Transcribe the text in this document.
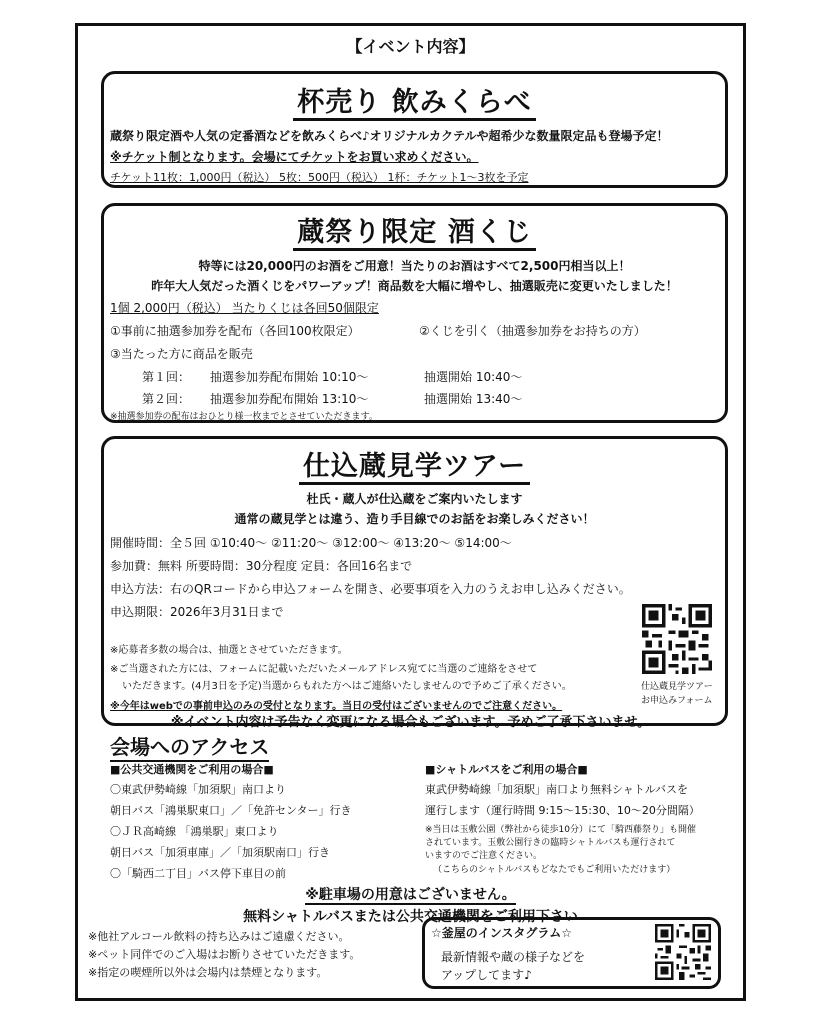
【イベント内容】
杯売り 飲みくらべ
蔵祭り限定酒や人気の定番酒などを飲みくらべ♪オリジナルカクテルや超希少な数量限定品も登場予定！
※チケット制となります。会場にてチケットをお買い求めください。
チケット11枚：1,000円（税込） 5枚：500円（税込） 1杯：チケット1～3枚を予定
蔵祭り限定 酒くじ
特等には20,000円のお酒をご用意！当たりのお酒はすべて2,500円相当以上！
昨年大人気だった酒くじをパワーアップ！商品数を大幅に増やし、抽選販売に変更いたしました！
1個 2,000円（税込） 当たりくじは各回50個限定
①事前に抽選参加券を配布（各回100枚限定）	②くじを引く（抽選参加券をお持ちの方）
③当たった方に商品を販売
第１回： 抽選参加券配布開始 10:10～	抽選開始 10:40～
第２回： 抽選参加券配布開始 13:10～	抽選開始 13:40～
※抽選参加券の配布はおひとり様一枚までとさせていただきます。
仕込蔵見学ツアー
杜氏・蔵人が仕込蔵をご案内いたします
通常の蔵見学とは違う、造り手目線でのお話をお楽しみください！
開催時間：全５回 ①10:40～ ②11:20～ ③12:00～ ④13:20～ ⑤14:00～
参加費：無料 所要時間：30分程度 定員：各回16名まで
申込方法：右のQRコードから申込フォームを開き、必要事項を入力のうえお申し込みください。
申込期限：2026年3月31日まで
※応募者多数の場合は、抽選とさせていただきます。
※ご当選された方には、フォームに記載いただいたメールアドレス宛てに当選のご連絡をさせて
いただきます。(4月3日を予定)当選からもれた方へはご連絡いたしませんので予めご了承ください。
※今年はwebでの事前申込のみの受付となります。当日の受付はございませんのでご注意ください。
仕込蔵見学ツアー
お申込みフォーム
※イベント内容は予告なく変更になる場合もございます。予めご了承下さいませ。
会場へのアクセス
■公共交通機関をご利用の場合■
〇東武伊勢崎線「加須駅」南口より
朝日バス「鴻巣駅東口」／「免許センター」行き
〇ＪＲ高崎線 「鴻巣駅」東口より
朝日バス「加須車庫」／「加須駅南口」行き
〇「騎西二丁目」バス停下車目の前
■シャトルバスをご利用の場合■
東武伊勢崎線「加須駅」南口より無料シャトルバスを
運行します（運行時間 9:15～15:30、10～20分間隔）
※当日は玉敷公園（弊社から徒歩10分）にて「騎西藤祭り」も開催
されています。玉敷公園行きの臨時シャトルバスも運行されて
いますのでご注意ください。
（こちらのシャトルバスもどなたでもご利用いただけます）
※駐車場の用意はございません。
無料シャトルバスまたは公共交通機関をご利用下さい
※他社アルコール飲料の持ち込みはご遠慮ください。
※ペット同伴でのご入場はお断りさせていただきます。
※指定の喫煙所以外は会場内は禁煙となります。
☆釜屋のインスタグラム☆
最新情報や蔵の様子などを
アップしてます♪
